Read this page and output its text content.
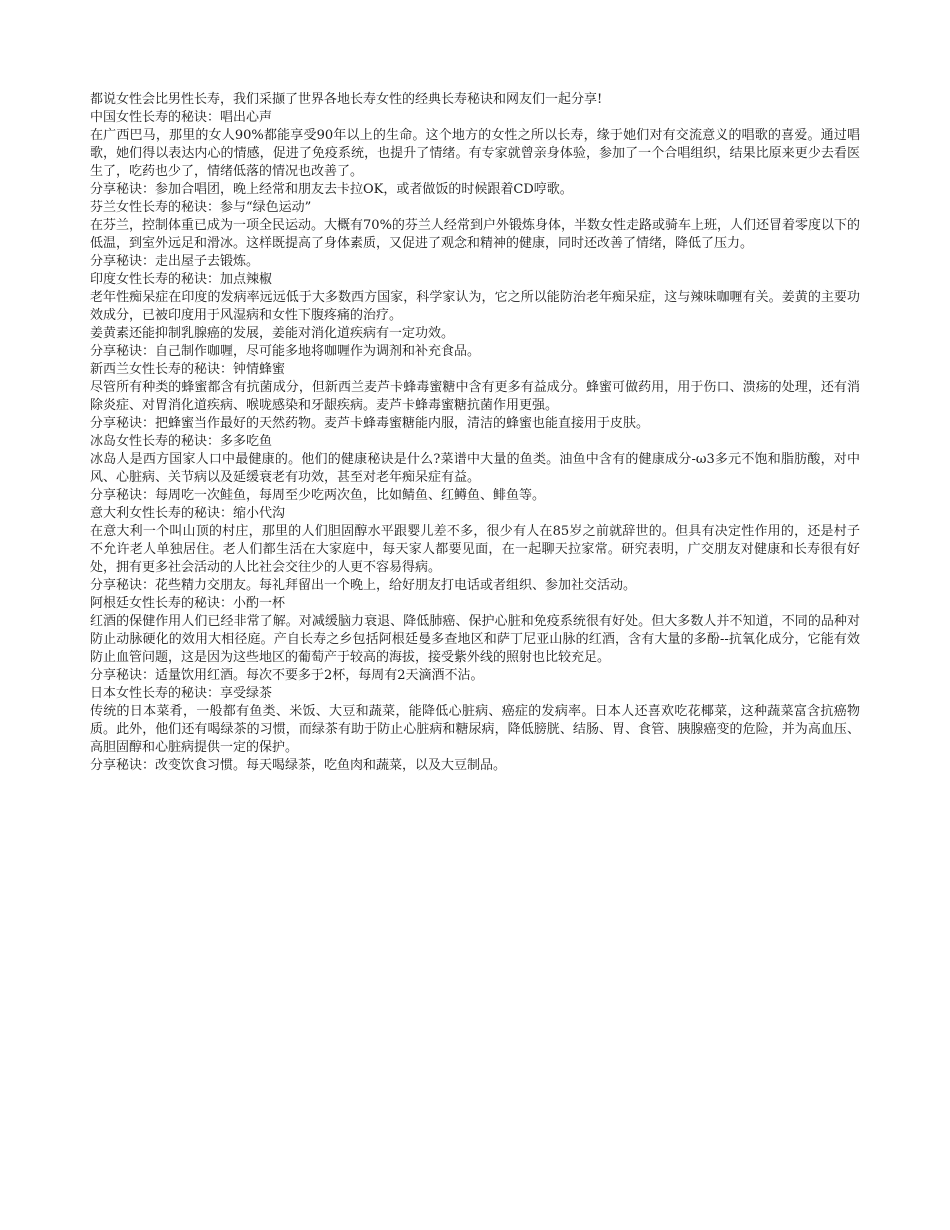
都说女性会比男性长寿，我们采撷了世界各地长寿女性的经典长寿秘诀和网友们一起分享!

中国女性长寿的秘诀：唱出心声

在广西巴马，那里的女人90%都能享受90年以上的生命。这个地方的女性之所以长寿，缘于她们对有交流意义的唱歌的喜爱。通过唱歌，她们得以表达内心的情感，促进了免疫系统，也提升了情绪。有专家就曾亲身体验，参加了一个合唱组织，结果比原来更少去看医生了，吃药也少了，情绪低落的情况也改善了。

分享秘诀：参加合唱团，晚上经常和朋友去卡拉OK，或者做饭的时候跟着CD哼歌。

芬兰女性长寿的秘诀：参与“绿色运动”

在芬兰，控制体重已成为一项全民运动。大概有70%的芬兰人经常到户外锻炼身体，半数女性走路或骑车上班，人们还冒着零度以下的低温，到室外远足和滑冰。这样既提高了身体素质，又促进了观念和精神的健康，同时还改善了情绪，降低了压力。

分享秘诀：走出屋子去锻炼。

印度女性长寿的秘诀：加点辣椒

老年性痴呆症在印度的发病率远远低于大多数西方国家，科学家认为，它之所以能防治老年痴呆症，这与辣味咖喱有关。姜黄的主要功效成分，已被印度用于风湿病和女性下腹疼痛的治疗。

姜黄素还能抑制乳腺癌的发展，姜能对消化道疾病有一定功效。

分享秘诀：自己制作咖喱，尽可能多地将咖喱作为调剂和补充食品。

新西兰女性长寿的秘诀：钟情蜂蜜

尽管所有种类的蜂蜜都含有抗菌成分，但新西兰麦芦卡蜂毒蜜糖中含有更多有益成分。蜂蜜可做药用，用于伤口、溃疡的处理，还有消除炎症、对胃消化道疾病、喉咙感染和牙龈疾病。麦芦卡蜂毒蜜糖抗菌作用更强。

分享秘诀：把蜂蜜当作最好的天然药物。麦芦卡蜂毒蜜糖能内服，清洁的蜂蜜也能直接用于皮肤。

冰岛女性长寿的秘诀：多多吃鱼

冰岛人是西方国家人口中最健康的。他们的健康秘诀是什么?菜谱中大量的鱼类。油鱼中含有的健康成分-ω3多元不饱和脂肪酸，对中风、心脏病、关节病以及延缓衰老有功效，甚至对老年痴呆症有益。

分享秘诀：每周吃一次鲑鱼，每周至少吃两次鱼，比如鲭鱼、红鳟鱼、鲱鱼等。

意大利女性长寿的秘诀：缩小代沟

在意大利一个叫山顶的村庄，那里的人们胆固醇水平跟婴儿差不多，很少有人在85岁之前就辞世的。但具有决定性作用的，还是村子不允许老人单独居住。老人们都生活在大家庭中，每天家人都要见面，在一起聊天拉家常。研究表明，广交朋友对健康和长寿很有好处，拥有更多社会活动的人比社会交往少的人更不容易得病。

分享秘诀：花些精力交朋友。每礼拜留出一个晚上，给好朋友打电话或者组织、参加社交活动。

阿根廷女性长寿的秘诀：小酌一杯

红酒的保健作用人们已经非常了解。对减缓脑力衰退、降低肺癌、保护心脏和免疫系统很有好处。但大多数人并不知道，不同的品种对防止动脉硬化的效用大相径庭。产自长寿之乡包括阿根廷曼多查地区和萨丁尼亚山脉的红酒，含有大量的多酚--抗氧化成分，它能有效防止血管问题，这是因为这些地区的葡萄产于较高的海拔，接受紫外线的照射也比较充足。

分享秘诀：适量饮用红酒。每次不要多于2杯，每周有2天滴酒不沾。

日本女性长寿的秘诀：享受绿茶

传统的日本菜肴，一般都有鱼类、米饭、大豆和蔬菜，能降低心脏病、癌症的发病率。日本人还喜欢吃花椰菜，这种蔬菜富含抗癌物质。此外，他们还有喝绿茶的习惯，而绿茶有助于防止心脏病和糖尿病，降低膀胱、结肠、胃、食管、胰腺癌变的危险，并为高血压、高胆固醇和心脏病提供一定的保护。

分享秘诀：改变饮食习惯。每天喝绿茶，吃鱼肉和蔬菜，以及大豆制品。
